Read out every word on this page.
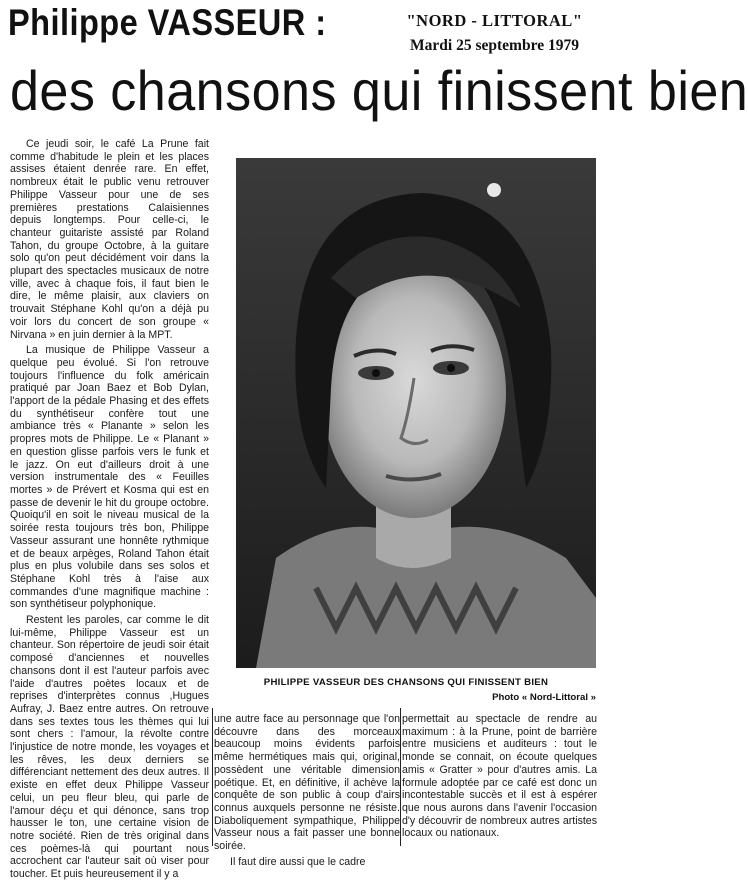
Philippe VASSEUR :	"NORD - LITTORAL"
Mardi 25 septembre 1979
des chansons qui finissent bien

Ce jeudi soir, le café La Prune fait comme d'habitude le plein et les places assises étaient denrée rare. En effet, nombreux était le public venu retrouver Philippe Vasseur pour une de ses premières prestations Calaisiennes depuis longtemps. Pour celle-ci, le chanteur guitariste assisté par Roland Tahon, du groupe Octobre, à la guitare solo qu'on peut décidément voir dans la plupart des spectacles musicaux de notre ville, avec à chaque fois, il faut bien le dire, le même plaisir, aux claviers on trouvait Stéphane Kohl qu'on a déjà pu voir lors du concert de son groupe « Nirvana » en juin dernier à la MPT.

La musique de Philippe Vasseur a quelque peu évolué. Si l'on retrouve toujours l'influence du folk américain pratiqué par Joan Baez et Bob Dylan, l'apport de la pédale Phasing et des effets du synthétiseur confère tout une ambiance très « Planante » selon les propres mots de Philippe. Le « Planant » en question glisse parfois vers le funk et le jazz. On eut d'ailleurs droit à une version instrumentale des « Feuilles mortes » de Prévert et Kosma qui est en passe de devenir le hit du groupe octobre. Quoiqu'il en soit le niveau musical de la soirée resta toujours très bon, Philippe Vasseur assurant une honnête rythmique et de beaux arpèges, Roland Tahon était plus en plus volubile dans ses solos et Stéphane Kohl très à l'aise aux commandes d'une magnifique machine : son synthétiseur polyphonique.

Restent les paroles, car comme le dit lui-même, Philippe Vasseur est un chanteur. Son répertoire de jeudi soir était composé d'anciennes et nouvelles chansons dont il est l'auteur parfois avec l'aide d'autres poètes locaux et de reprises d'interprètes connus ,Hugues Aufray, J. Baez entre autres. On retrouve dans ses textes tous les thèmes qui lui sont chers : l'amour, la révolte contre l'injustice de notre monde, les voyages et les rêves, les deux derniers se différenciant nettement des deux autres. Il existe en effet deux Philippe Vasseur celui, un peu fleur bleu, qui parle de l'amour déçu et qui dénonce, sans trop hausser le ton, une certaine vision de notre société. Rien de très original dans ces poèmes-là qui pourtant nous accrochent car l'auteur sait où viser pour toucher. Et puis heureusement il y a

PHILIPPE VASSEUR DES CHANSONS QUI FINISSENT BIEN
Photo « Nord-Littoral »

une autre face au personnage que l'on découvre dans des morceaux beaucoup moins évidents parfois même hermétiques mais qui, original, possèdent une véritable dimension poétique. Et, en définitive, il achève la conquête de son public à coup d'airs connus auxquels personne ne résiste. Diaboliquement sympathique, Philippe Vasseur nous a fait passer une bonne soirée.

Il faut dire aussi que le cadre

permettait au spectacle de rendre au maximum : à la Prune, point de barrière entre musiciens et auditeurs : tout le monde se connait, on écoute quelques amis « Gratter » pour d'autres amis. La formule adoptée par ce café est donc un incontestable succès et il est à espérer que nous aurons dans l'avenir l'occasion d'y découvrir de nombreux autres artistes locaux ou nationaux.
